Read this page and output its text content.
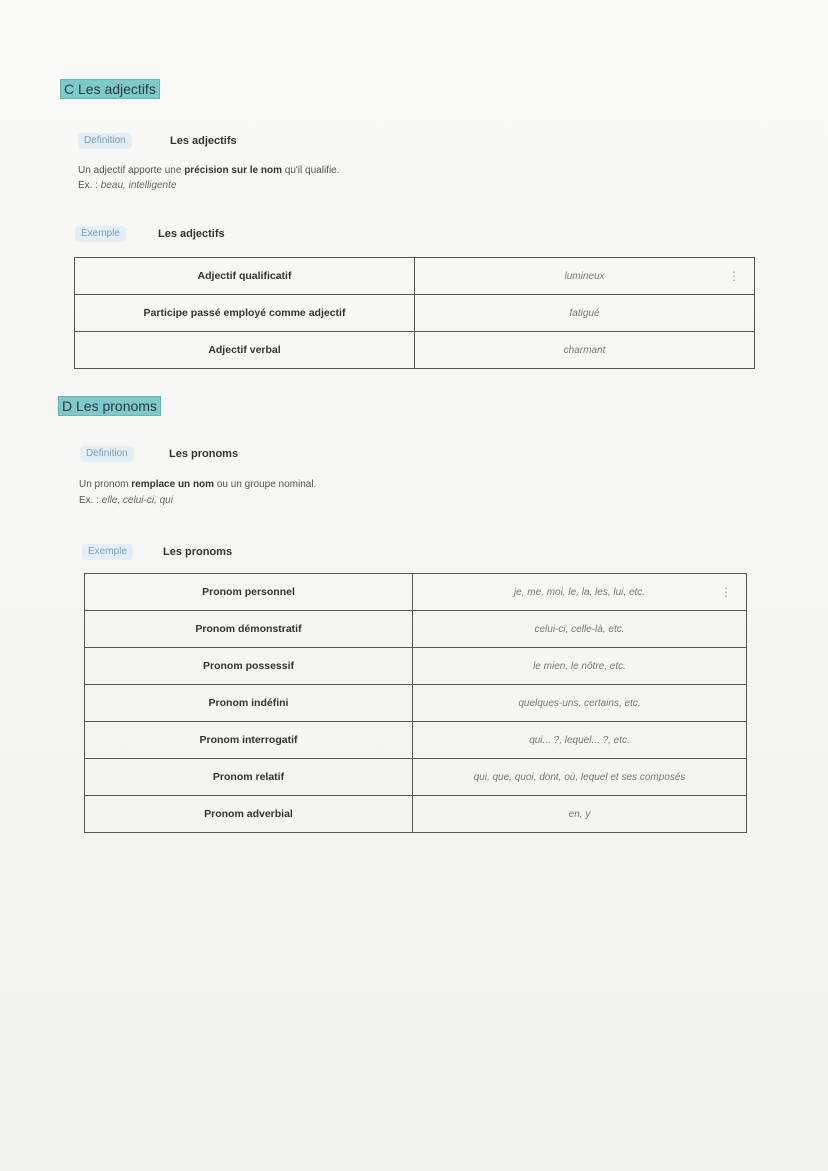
C Les adjectifs
Definition	Les adjectifs
Un adjectif apporte une précision sur le nom qu'il qualifie.
Ex. : beau, intelligente
Exemple	Les adjectifs
Adjectif qualificatif	lumineux ⋮

Participe passé employé comme adjectif	fatigué
Adjectif verbal	charmant
D Les pronoms
Definition	Les pronoms
Un pronom remplace un nom ou un groupe nominal.
Ex. : elle, celui-ci, qui
Exemple	Les pronoms
Pronom personnel	je, me, moi, le, la, les, lui, etc. ⋮

Pronom démonstratif	celui-ci, celle-là, etc.
Pronom possessif	le mien, le nôtre, etc.
Pronom indéfini	quelques-uns, certains, etc.
Pronom interrogatif	qui... ?, lequel... ?, etc.
Pronom relatif	qui, que, quoi, dont, où, lequel et ses composés
Pronom adverbial	en, y
